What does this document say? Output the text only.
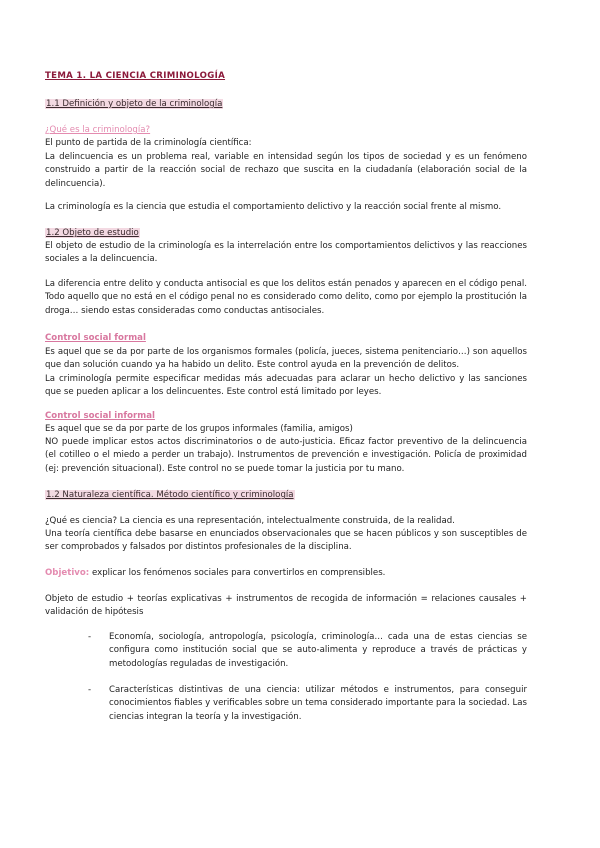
TEMA 1. LA CIENCIA CRIMINOLOGÍA
1.1 Definición y objeto de la criminología
¿Qué es la criminología?
El punto de partida de la criminología científica:
La delincuencia es un problema real, variable en intensidad según los tipos de sociedad y es un fenómeno construido a partir de la reacción social de rechazo que suscita en la ciudadanía (elaboración social de la delincuencia).
La criminología es la ciencia que estudia el comportamiento delictivo y la reacción social frente al mismo.
1.2 Objeto de estudio
El objeto de estudio de la criminología es la interrelación entre los comportamientos delictivos y las reacciones sociales a la delincuencia.
La diferencia entre delito y conducta antisocial es que los delitos están penados y aparecen en el código penal. Todo aquello que no está en el código penal no es considerado como delito, como por ejemplo la prostitución la droga… siendo estas consideradas como conductas antisociales.
Control social formal
Es aquel que se da por parte de los organismos formales (policía, jueces, sistema penitenciario…) son aquellos que dan solución cuando ya ha habido un delito. Este control ayuda en la prevención de delitos.
La criminología permite especificar medidas más adecuadas para aclarar un hecho delictivo y las sanciones que se pueden aplicar a los delincuentes. Este control está limitado por leyes.
Control social informal
Es aquel que se da por parte de los grupos informales (familia, amigos)
NO puede implicar estos actos discriminatorios o de auto-justicia. Eficaz factor preventivo de la delincuencia (el cotilleo o el miedo a perder un trabajo). Instrumentos de prevención e investigación. Policía de proximidad (ej: prevención situacional). Este control no se puede tomar la justicia por tu mano.
1.2 Naturaleza científica. Método científico y criminología
¿Qué es ciencia? La ciencia es una representación, intelectualmente construida, de la realidad.
Una teoría científica debe basarse en enunciados observacionales que se hacen públicos y son susceptibles de ser comprobados y falsados por distintos profesionales de la disciplina.
Objetivo: explicar los fenómenos sociales para convertirlos en comprensibles.
Objeto de estudio + teorías explicativas + instrumentos de recogida de información = relaciones causales + validación de hipótesis
- Economía, sociología, antropología, psicología, criminología… cada una de estas ciencias se configura como institución social que se auto-alimenta y reproduce a través de prácticas y metodologías reguladas de investigación.
- Características distintivas de una ciencia: utilizar métodos e instrumentos, para conseguir conocimientos fiables y verificables sobre un tema considerado importante para la sociedad. Las ciencias integran la teoría y la investigación.
